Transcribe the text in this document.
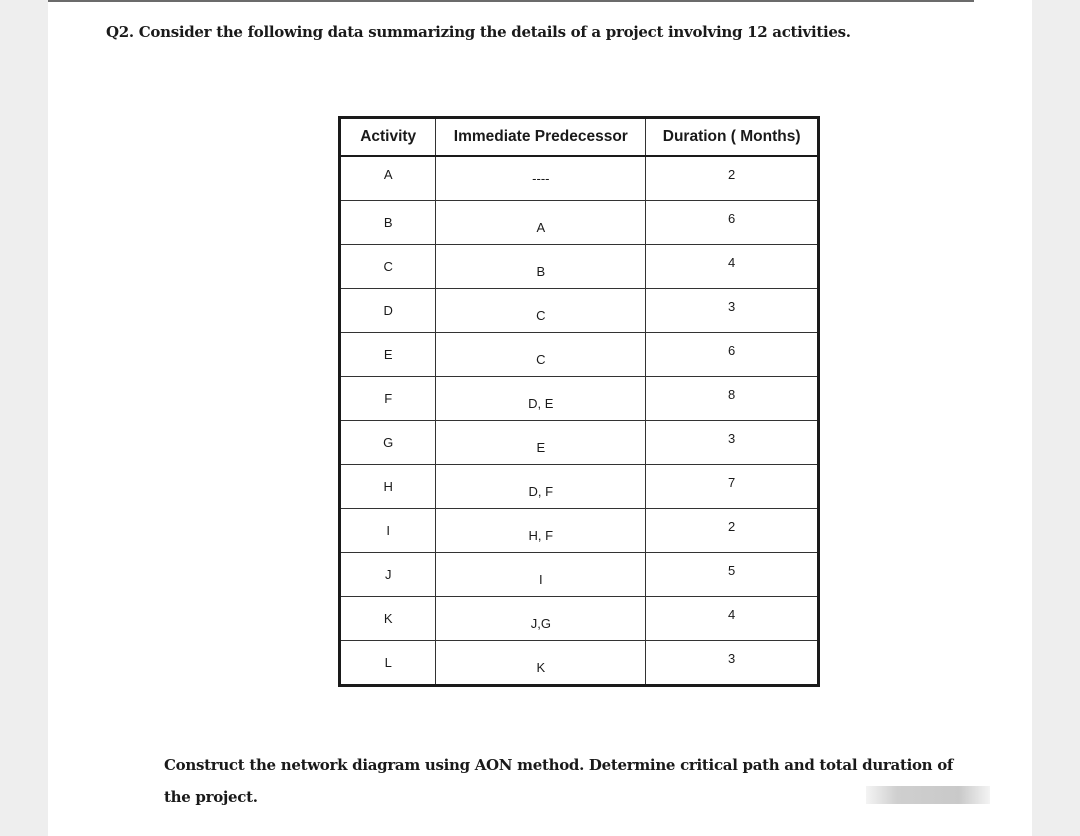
Q2. Consider the following data summarizing the details of a project involving 12 activities.
Activity	Immediate Predecessor	Duration ( Months)

A	----	2

B	A	6

C	B	4

D	C	3

E	C	6

F	D, E	8

G	E	3

H	D, F	7

I	H, F	2

J	I	5

K	J,G	4

L	K	3
Construct the network diagram using AON method. Determine critical path and total duration of the project.
